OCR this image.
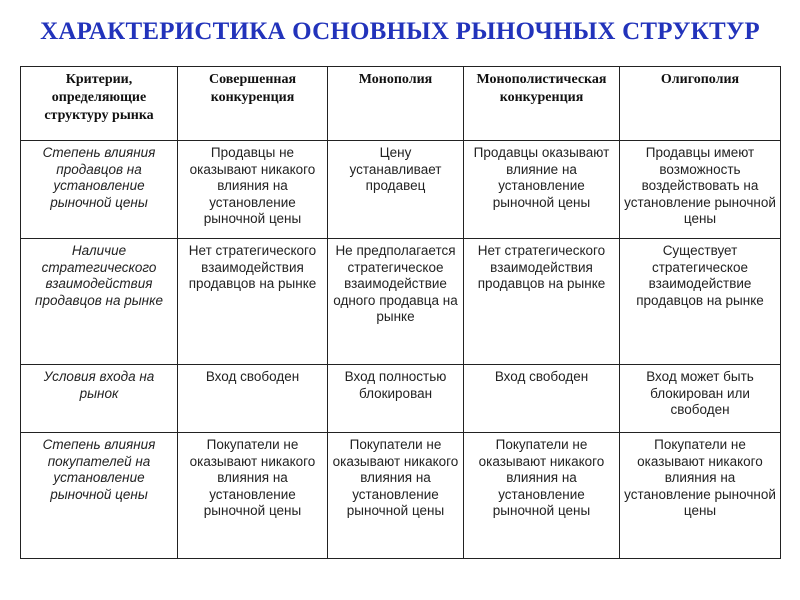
ХАРАКТЕРИСТИКА ОСНОВНЫХ РЫНОЧНЫХ СТРУКТУР
Критерии, определяющие структуру рынка	Совершенная конкуренция	Монополия	Монополистическая конкуренция	Олигополия
Степень влияния продавцов на установление рыночной цены	Продавцы не оказывают никакого влияния на установление рыночной цены	Цену устанавливает продавец	Продавцы оказывают влияние на установление рыночной цены	Продавцы имеют возможность воздействовать на установление рыночной цены
Наличие стратегического взаимодействия продавцов на рынке	Нет стратегического взаимодействия продавцов на рынке	Не предполагается стратегическое взаимодействие одного продавца на рынке	Нет стратегического взаимодействия продавцов на рынке	Существует стратегическое взаимодействие продавцов на рынке
Условия входа на рынок	Вход свободен	Вход полностью блокирован	Вход свободен	Вход может быть блокирован или свободен
Степень влияния покупателей на установление рыночной цены	Покупатели не оказывают никакого влияния на установление рыночной цены	Покупатели не оказывают никакого влияния на установление рыночной цены	Покупатели не оказывают никакого влияния на установление рыночной цены	Покупатели не оказывают никакого влияния на установление рыночной цены
